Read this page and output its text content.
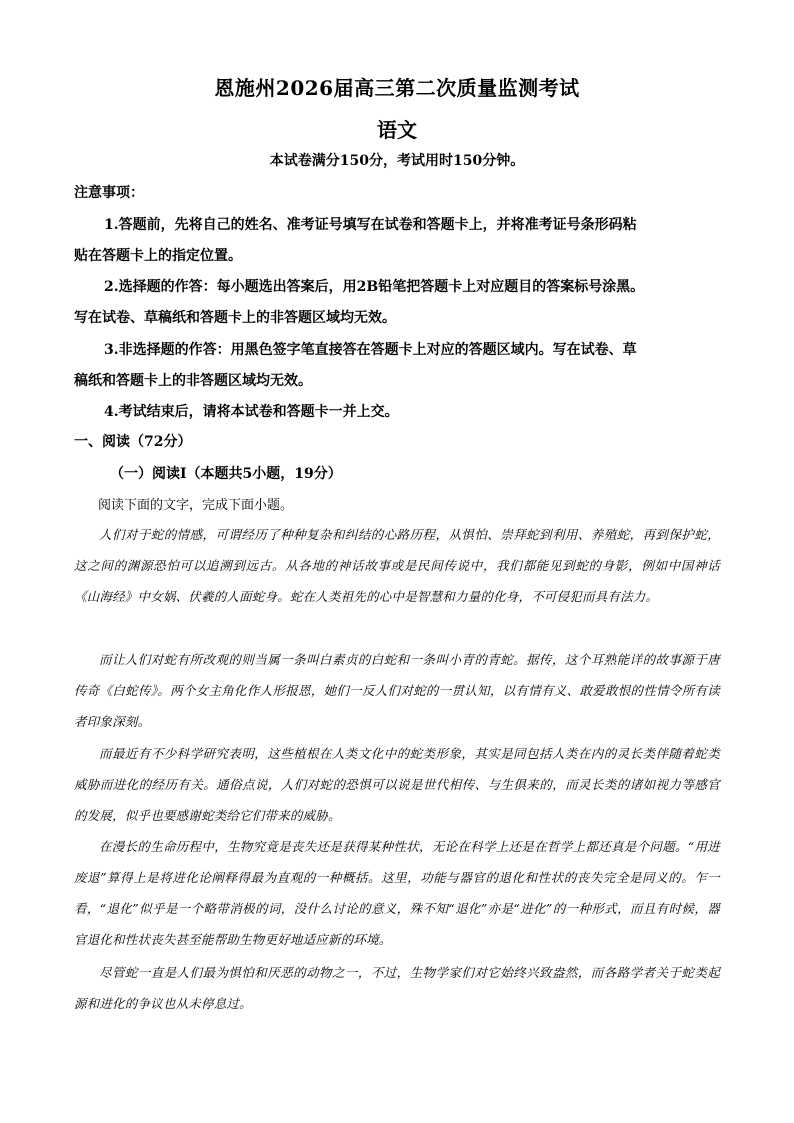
恩施州2026届高三第二次质量监测考试
语文
本试卷满分150分，考试用时150分钟。
注意事项：
1.答题前，先将自己的姓名、准考证号填写在试卷和答题卡上，并将准考证号条形码粘
贴在答题卡上的指定位置。
2.选择题的作答：每小题选出答案后，用2B铅笔把答题卡上对应题目的答案标号涂黑。
写在试卷、草稿纸和答题卡上的非答题区域均无效。
3.非选择题的作答：用黑色签字笔直接答在答题卡上对应的答题区域内。写在试卷、草
稿纸和答题卡上的非答题区域均无效。
4.考试结束后，请将本试卷和答题卡一并上交。
一、阅读（72分）
（一）阅读Ⅰ（本题共5小题，19分）
阅读下面的文字，完成下面小题。
人们对于蛇的情感，可谓经历了种种复杂和纠结的心路历程，从惧怕、崇拜蛇到利用、养殖蛇，再到保护蛇，这之间的渊源恐怕可以追溯到远古。从各地的神话故事或是民间传说中，我们都能见到蛇的身影，例如中国神话《山海经》中女娲、伏羲的人面蛇身。蛇在人类祖先的心中是智慧和力量的化身，不可侵犯而具有法力。
而让人们对蛇有所改观的则当属一条叫白素贞的白蛇和一条叫小青的青蛇。据传，这个耳熟能详的故事源于唐传奇《白蛇传》。两个女主角化作人形报恩，她们一反人们对蛇的一贯认知，以有情有义、敢爱敢恨的性情令所有读者印象深刻。
而最近有不少科学研究表明，这些植根在人类文化中的蛇类形象，其实是同包括人类在内的灵长类伴随着蛇类威胁而进化的经历有关。通俗点说，人们对蛇的恐惧可以说是世代相传、与生俱来的，而灵长类的诸如视力等感官的发展，似乎也要感谢蛇类给它们带来的威胁。
在漫长的生命历程中，生物究竟是丧失还是获得某种性状，无论在科学上还是在哲学上都还真是个问题。“用进废退”算得上是将进化论阐释得最为直观的一种概括。这里，功能与器官的退化和性状的丧失完全是同义的。乍一看，“退化”似乎是一个略带消极的词，没什么讨论的意义，殊不知“退化”亦是“进化”的一种形式，而且有时候，器官退化和性状丧失甚至能帮助生物更好地适应新的环境。
尽管蛇一直是人们最为惧怕和厌恶的动物之一，不过，生物学家们对它始终兴致盎然，而各路学者关于蛇类起源和进化的争议也从未停息过。
